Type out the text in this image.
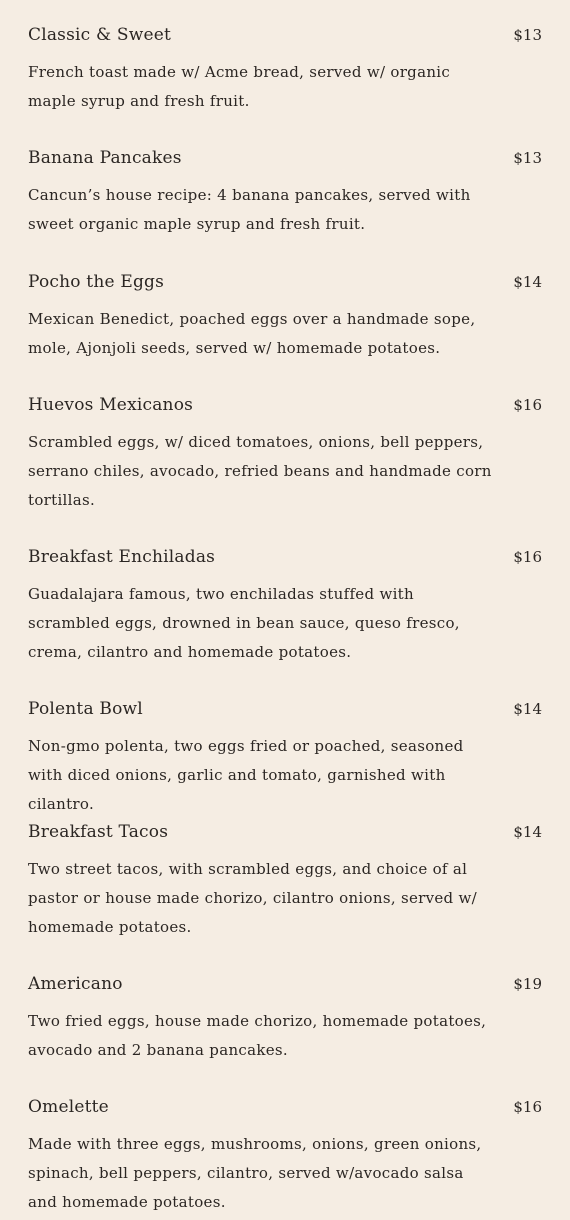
Classic & Sweet	$13
French toast made w/ Acme bread, served w/ organic maple syrup and fresh fruit.
Banana Pancakes	$13
Cancun’s house recipe: 4 banana pancakes, served with sweet organic maple syrup and fresh fruit.
Pocho the Eggs	$14
Mexican Benedict, poached eggs over a handmade sope, mole, Ajonjoli seeds, served w/ homemade potatoes.
Huevos Mexicanos	$16
Scrambled eggs, w/ diced tomatoes, onions, bell peppers, serrano chiles, avocado, refried beans and handmade corn tortillas.
Breakfast Enchiladas	$16
Guadalajara famous, two enchiladas stuffed with scrambled eggs, drowned in bean sauce, queso fresco, crema, cilantro and homemade potatoes.
Polenta Bowl	$14
Non-gmo polenta, two eggs fried or poached, seasoned with diced onions, garlic and tomato, garnished with cilantro.
Breakfast Tacos	$14
Two street tacos, with scrambled eggs, and choice of al pastor or house made chorizo, cilantro onions, served w/ homemade potatoes.
Americano	$19
Two fried eggs, house made chorizo, homemade potatoes, avocado and 2 banana pancakes.
Omelette	$16
Made with three eggs, mushrooms, onions, green onions, spinach, bell peppers, cilantro, served w/avocado salsa and homemade potatoes.
